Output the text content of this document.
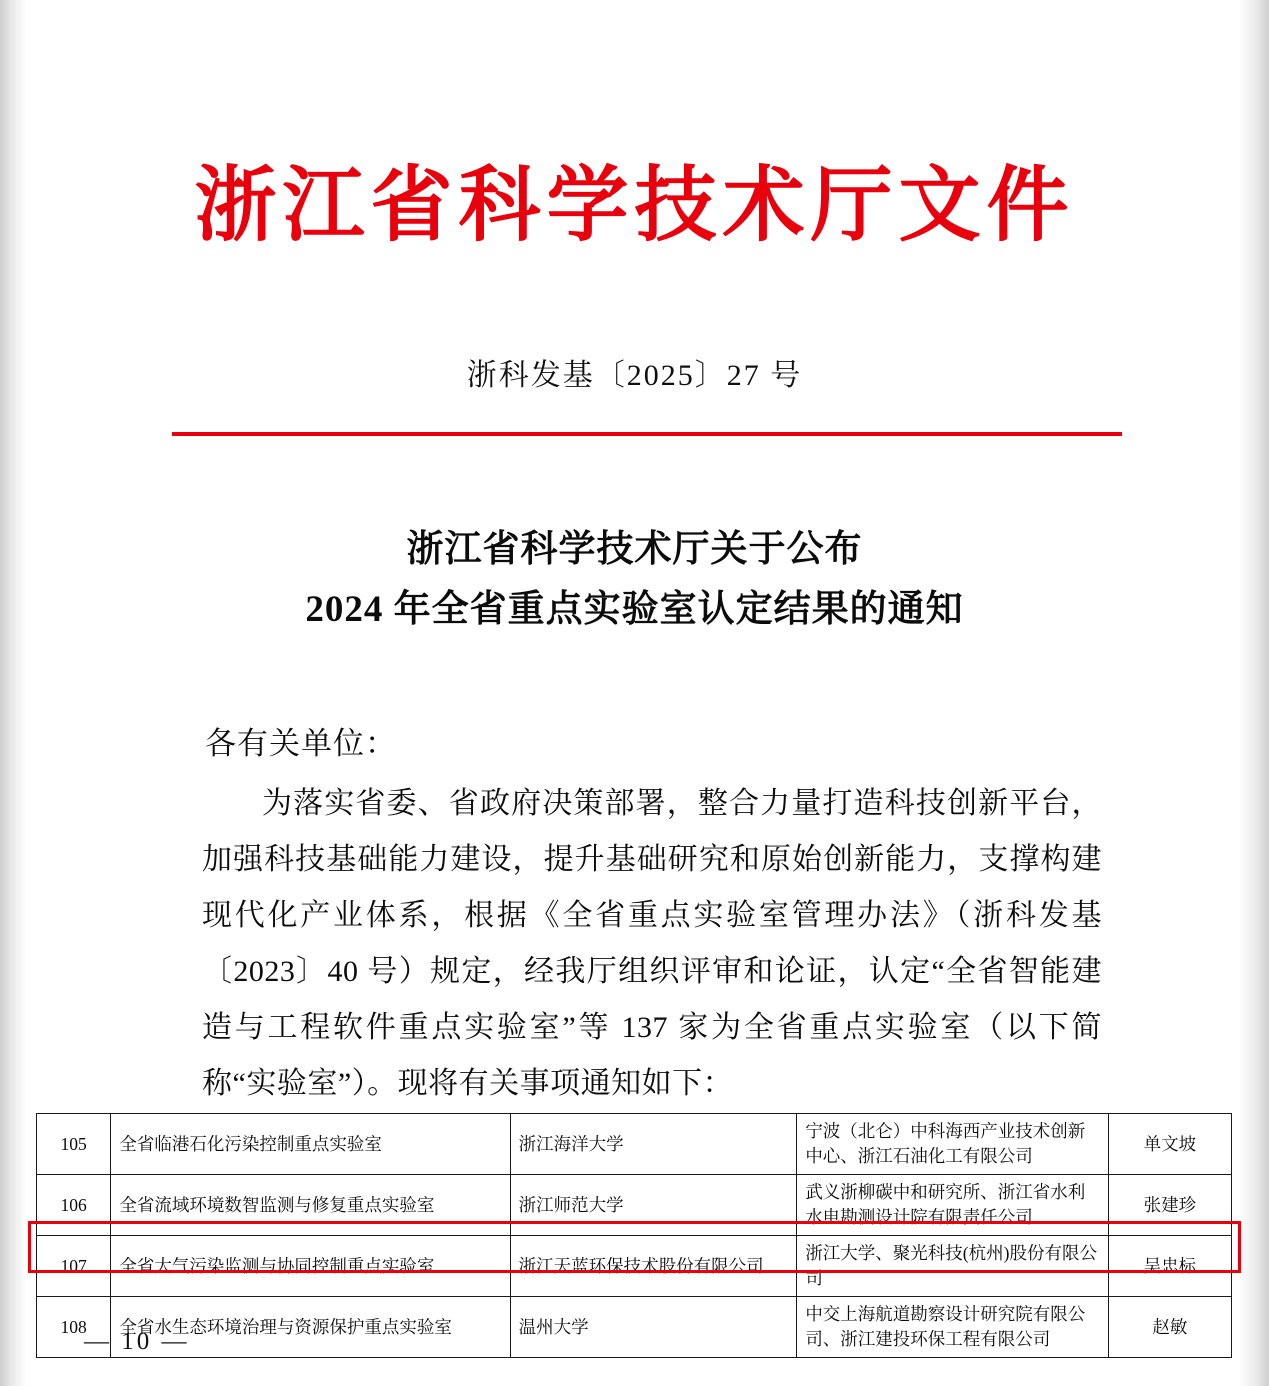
浙江省科学技术厅文件
浙科发基〔2025〕27 号
浙江省科学技术厅关于公布
2024 年全省重点实验室认定结果的通知
各有关单位：
为落实省委、省政府决策部署，整合力量打造科技创新平台，加强科技基础能力建设，提升基础研究和原始创新能力，支撑构建现代化产业体系，根据《全省重点实验室管理办法》（浙科发基〔2023〕40 号）规定，经我厅组织评审和论证，认定“全省智能建造与工程软件重点实验室”等 137 家为全省重点实验室（以下简称“实验室”）。现将有关事项通知如下：
105	全省临港石化污染控制重点实验室	浙江海洋大学	宁波（北仑）中科海西产业技术创新中心、浙江石油化工有限公司	单文坡
106	全省流域环境数智监测与修复重点实验室	浙江师范大学	武义浙柳碳中和研究所、浙江省水利水电勘测设计院有限责任公司	张建珍
107	全省大气污染监测与协同控制重点实验室	浙江天蓝环保技术股份有限公司	浙江大学、聚光科技(杭州)股份有限公司	吴忠标
108	全省水生态环境治理与资源保护重点实验室	温州大学	中交上海航道勘察设计研究院有限公司、浙江建投环保工程有限公司	赵敏
— 10 —
